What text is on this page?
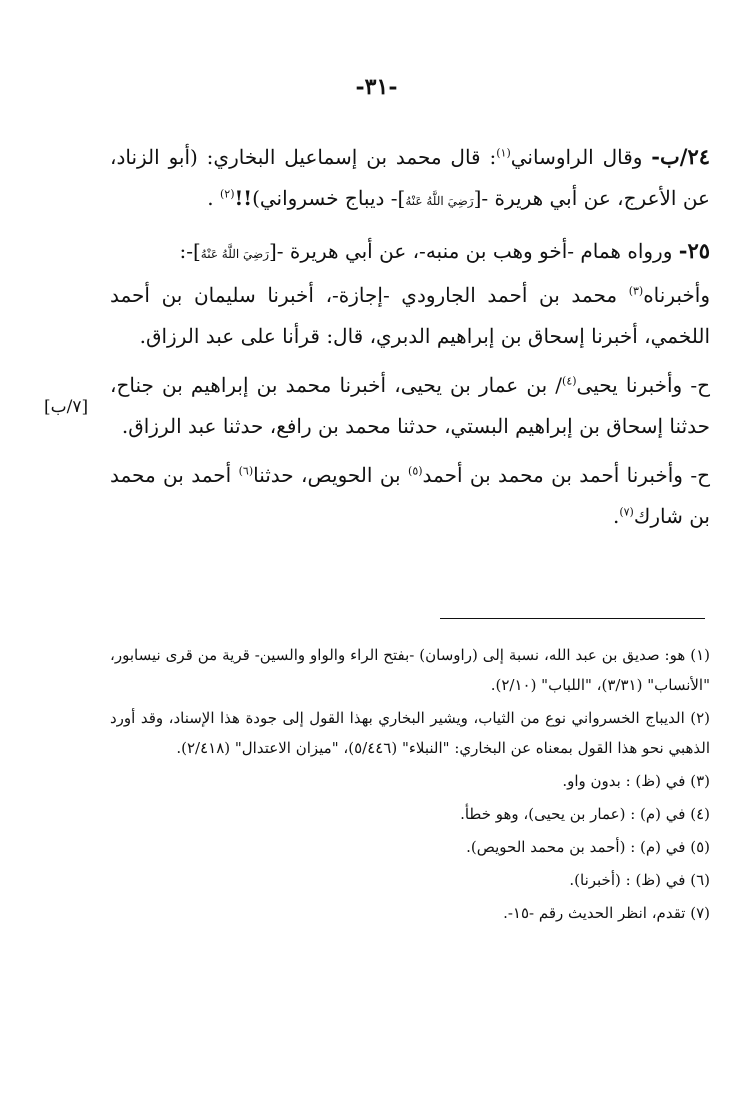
-٣١-
[٧/ب]

٢٤/ب- وقال الراوساني$^{(١)}$: قال محمد بن إسماعيل البخاري: (أبو الزناد، عن الأعرج، عن أبي هريرة -[رَضِيَ اللَّهُ عَنْهُ]- ديباج خسرواني)!!$^{(٢)}$ .

٢٥- ورواه همام -أخو وهب بن منبه-، عن أبي هريرة -[رَضِيَ اللَّهُ عَنْهُ]-:

وأخبرناه$^{(٣)}$ محمد بن أحمد الجارودي -إجازة-، أخبرنا سليمان بن أحمد اللخمي، أخبرنا إسحاق بن إبراهيم الدبري، قال: قرأنا على عبد الرزاق.

ح- وأخبرنا يحيى$^{(٤)}$/ بن عمار بن يحيى، أخبرنا محمد بن إبراهيم بن جناح، حدثنا إسحاق بن إبراهيم البستي، حدثنا محمد بن رافع، حدثنا عبد الرزاق.

ح- وأخبرنا أحمد بن محمد بن أحمد$^{(٥)}$ بن الحويص، حدثنا$^{(٦)}$ أحمد بن محمد بن شارك$^{(٧)}$.

(١) هو: صديق بن عبد الله، نسبة إلى (راوسان) -بفتح الراء والواو والسين- قرية من قرى نيسابور، "الأنساب" (٣/٣١)، "اللباب" (٢/١٠).

(٢) الديباج الخسرواني نوع من الثياب، ويشير البخاري بهذا القول إلى جودة هذا الإسناد، وقد أورد الذهبي نحو هذا القول بمعناه عن البخاري: "النبلاء" (٥/٤٤٦)، "ميزان الاعتدال" (٢/٤١٨).

(٣) في (ظ) : بدون واو.

(٤) في (م) : (عمار بن يحيى)، وهو خطأ.

(٥) في (م) : (أحمد بن محمد الحويص).

(٦) في (ظ) : (أخبرنا).

(٧) تقدم، انظر الحديث رقم -١٥-.
